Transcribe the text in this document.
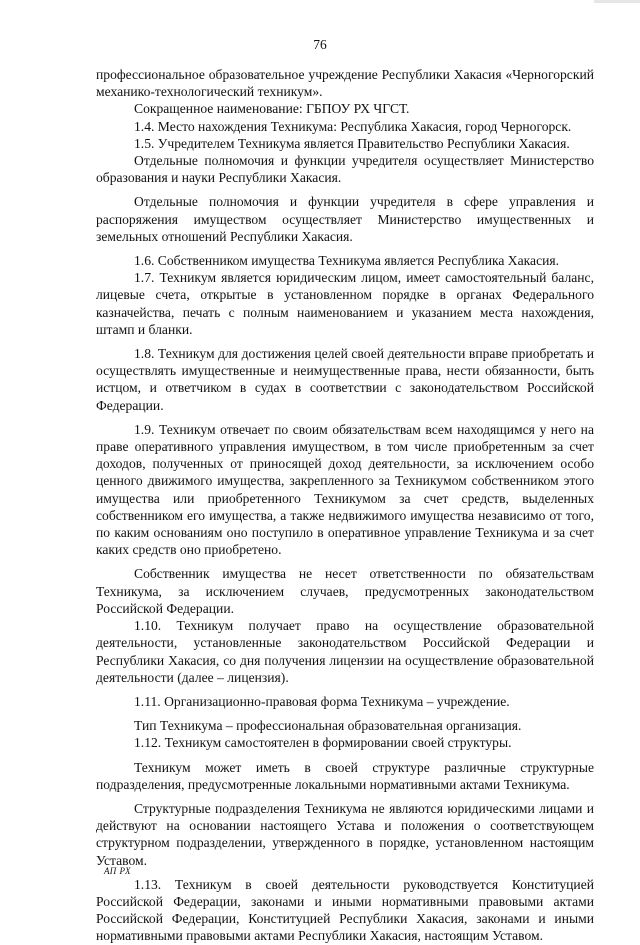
76

профессиональное образовательное учреждение Республики Хакасия «Черногорский механико-технологический техникум».

Сокращенное наименование: ГБПОУ РХ ЧГСТ.

1.4. Место нахождения Техникума: Республика Хакасия, город Черногорск.

1.5. Учредителем Техникума является Правительство Республики Хакасия.

Отдельные полномочия и функции учредителя осуществляет Министерство образования и науки Республики Хакасия.

Отдельные полномочия и функции учредителя в сфере управления и распоряжения имуществом осуществляет Министерство имущественных и земельных отношений Республики Хакасия.

1.6. Собственником имущества Техникума является Республика Хакасия.

1.7. Техникум является юридическим лицом, имеет самостоятельный баланс, лицевые счета, открытые в установленном порядке в органах Федерального казначейства, печать с полным наименованием и указанием места нахождения, штамп и бланки.

1.8. Техникум для достижения целей своей деятельности вправе приобретать и осуществлять имущественные и неимущественные права, нести обязанности, быть истцом, и ответчиком в судах в соответствии с законодательством Российской Федерации.

1.9. Техникум отвечает по своим обязательствам всем находящимся у него на праве оперативного управления имуществом, в том числе приобретенным за счет доходов, полученных от приносящей доход деятельности, за исключением особо ценного движимого имущества, закрепленного за Техникумом собственником этого имущества или приобретенного Техникумом за счет средств, выделенных собственником его имущества, а также недвижимого имущества независимо от того, по каким основаниям оно поступило в оперативное управление Техникума и за счет каких средств оно приобретено.

Собственник имущества не несет ответственности по обязательствам Техникума, за исключением случаев, предусмотренных законодательством Российской Федерации.

1.10. Техникум получает право на осуществление образовательной деятельности, установленные законодательством Российской Федерации и Республики Хакасия, со дня получения лицензии на осуществление образовательной деятельности (далее – лицензия).

1.11. Организационно-правовая форма Техникума – учреждение.

Тип Техникума – профессиональная образовательная организация.

1.12. Техникум самостоятелен в формировании своей структуры.

Техникум может иметь в своей структуре различные структурные подразделения, предусмотренные локальными нормативными актами Техникума.

Структурные подразделения Техникума не являются юридическими лицами и действуют на основании настоящего Устава и положения о соответствующем структурном подразделении, утвержденного в порядке, установленном настоящим Уставом.

1.13. Техникум в своей деятельности руководствуется Конституцией Российской Федерации, законами и иными нормативными правовыми актами Российской Федерации, Конституцией Республики Хакасия, законами и иными нормативными правовыми актами Республики Хакасия, настоящим Уставом.

АП РХ
